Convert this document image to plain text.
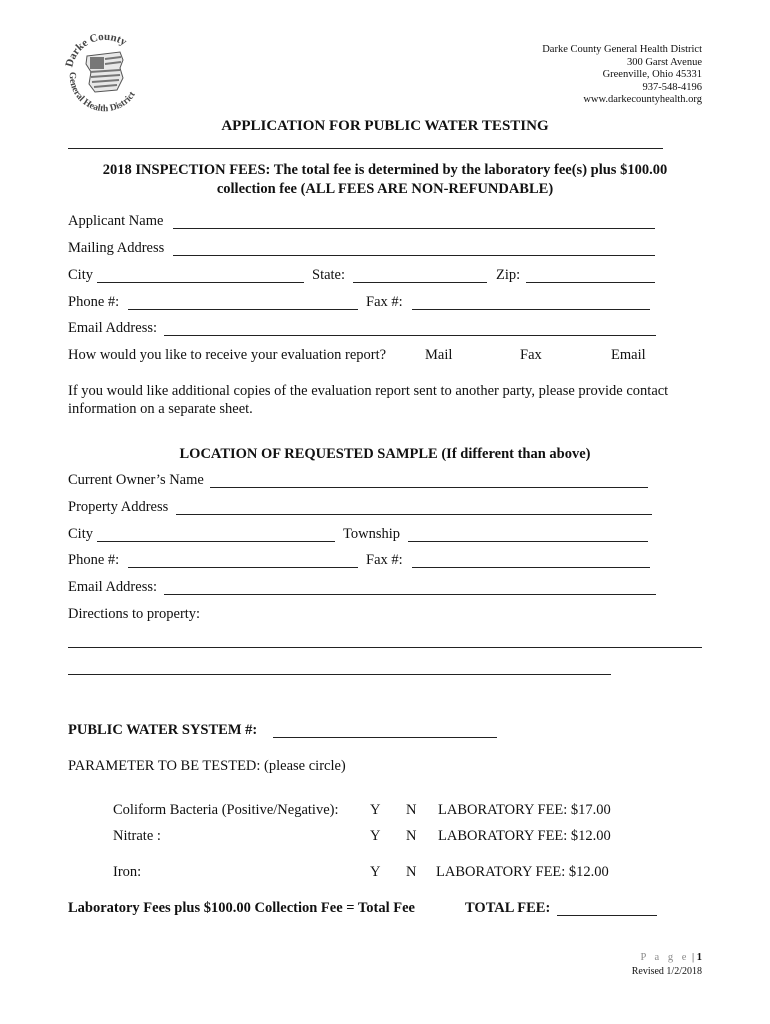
Darke County
General Health District
Darke County General Health District
300 Garst Avenue
Greenville, Ohio 45331
937-548-4196
www.darkecountyhealth.org
APPLICATION FOR PUBLIC WATER TESTING
2018 INSPECTION FEES: The total fee is determined by the laboratory fee(s) plus $100.00
collection fee (ALL FEES ARE NON-REFUNDABLE)
Applicant Name
Mailing Address
City	State:	Zip:
Phone #:	Fax #:
Email Address:
How would you like to receive your evaluation report?	Mail	Fax	Email
If you would like additional copies of the evaluation report sent to another party, please provide contact
information on a separate sheet.
LOCATION OF REQUESTED SAMPLE (If different than above)
Current Owner’s Name
Property Address
City	Township
Phone #:	Fax #:
Email Address:
Directions to property:
PUBLIC WATER SYSTEM #:
PARAMETER TO BE TESTED: (please circle)
Coliform Bacteria (Positive/Negative): Y N LABORATORY FEE: $17.00
Nitrate :	Y N LABORATORY FEE: $12.00
Iron:	Y N LABORATORY FEE: $12.00
Laboratory Fees plus $100.00 Collection Fee = Total Fee	TOTAL FEE:
P a g e | 1
Revised 1/2/2018
